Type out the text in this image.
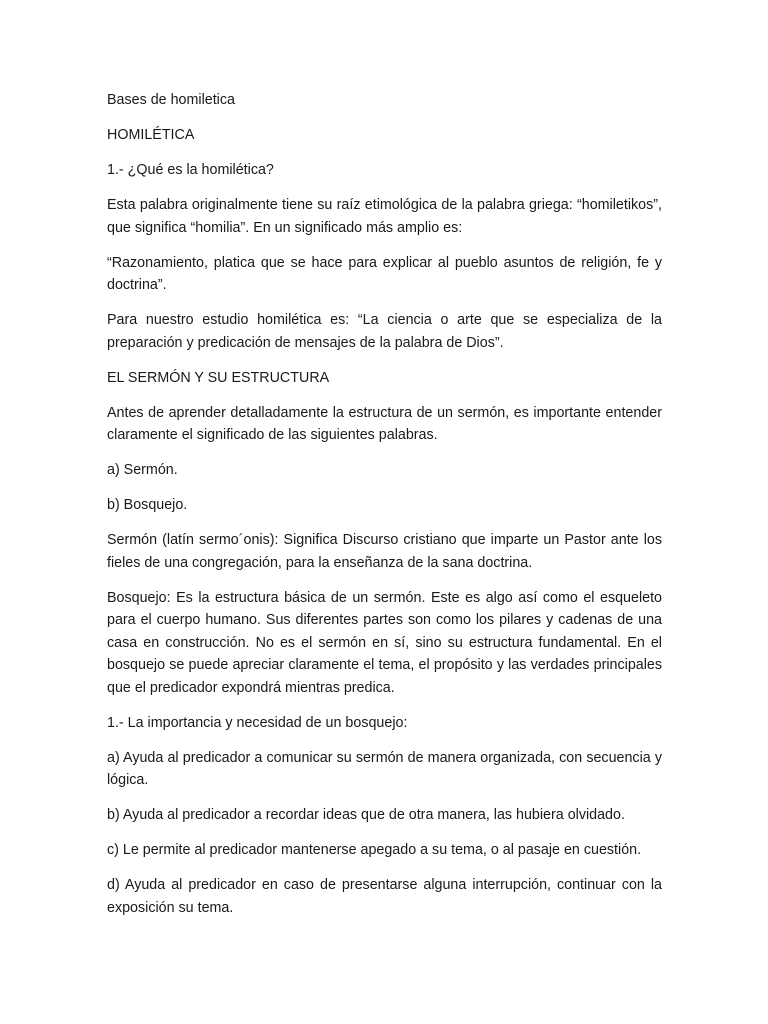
Bases de homiletica

HOMILÉTICA

1.- ¿Qué es la homilética?

Esta palabra originalmente tiene su raíz etimológica de la palabra griega: “homiletikos”, que significa “homilia”. En un significado más amplio es:

“Razonamiento, platica que se hace para explicar al pueblo asuntos de religión, fe y doctrina”.

Para nuestro estudio homilética es: “La ciencia o arte que se especializa de la preparación y predicación de mensajes de la palabra de Dios”.

EL SERMÓN Y SU ESTRUCTURA

Antes de aprender detalladamente la estructura de un sermón, es importante entender claramente el significado de las siguientes palabras.

a) Sermón.

b) Bosquejo.

Sermón (latín sermo´onis): Significa Discurso cristiano que imparte un Pastor ante los fieles de una congregación, para la enseñanza de la sana doctrina.

Bosquejo: Es la estructura básica de un sermón. Este es algo así como el esqueleto para el cuerpo humano. Sus diferentes partes son como los pilares y cadenas de una casa en construcción. No es el sermón en sí, sino su estructura fundamental. En el bosquejo se puede apreciar claramente el tema, el propósito y las verdades principales que el predicador expondrá mientras predica.

1.- La importancia y necesidad de un bosquejo:

a) Ayuda al predicador a comunicar su sermón de manera organizada, con secuencia y lógica.

b) Ayuda al predicador a recordar ideas que de otra manera, las hubiera olvidado.

c) Le permite al predicador mantenerse apegado a su tema, o al pasaje en cuestión.

d) Ayuda al predicador en caso de presentarse alguna interrupción, continuar con la exposición su tema.
